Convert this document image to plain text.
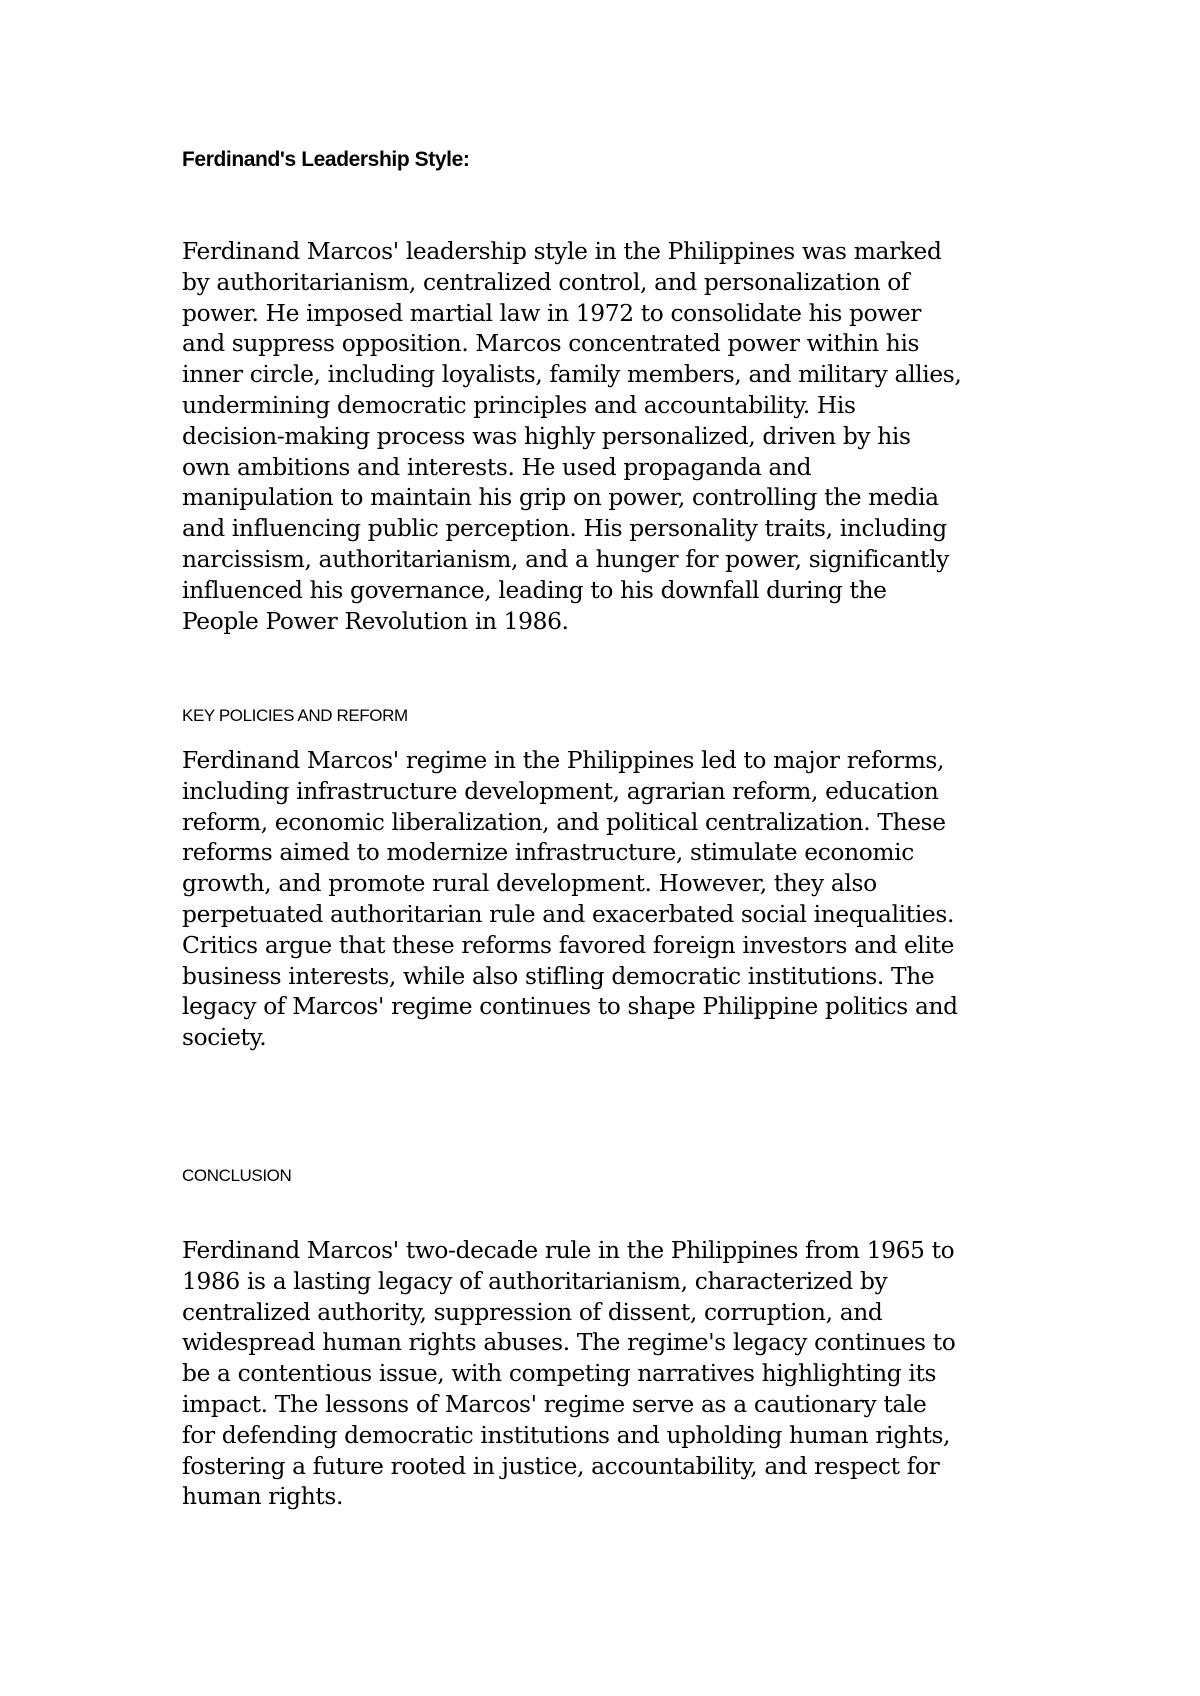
Ferdinand's Leadership Style:

Ferdinand Marcos' leadership style in the Philippines was marked
by authoritarianism, centralized control, and personalization of
power. He imposed martial law in 1972 to consolidate his power
and suppress opposition. Marcos concentrated power within his
inner circle, including loyalists, family members, and military allies,
undermining democratic principles and accountability. His
decision-making process was highly personalized, driven by his
own ambitions and interests. He used propaganda and
manipulation to maintain his grip on power, controlling the media
and influencing public perception. His personality traits, including
narcissism, authoritarianism, and a hunger for power, significantly
influenced his governance, leading to his downfall during the
People Power Revolution in 1986.

KEY POLICIES AND REFORM

Ferdinand Marcos' regime in the Philippines led to major reforms,
including infrastructure development, agrarian reform, education
reform, economic liberalization, and political centralization. These
reforms aimed to modernize infrastructure, stimulate economic
growth, and promote rural development. However, they also
perpetuated authoritarian rule and exacerbated social inequalities.
Critics argue that these reforms favored foreign investors and elite
business interests, while also stifling democratic institutions. The
legacy of Marcos' regime continues to shape Philippine politics and
society.

CONCLUSION

Ferdinand Marcos' two-decade rule in the Philippines from 1965 to
1986 is a lasting legacy of authoritarianism, characterized by
centralized authority, suppression of dissent, corruption, and
widespread human rights abuses. The regime's legacy continues to
be a contentious issue, with competing narratives highlighting its
impact. The lessons of Marcos' regime serve as a cautionary tale
for defending democratic institutions and upholding human rights,
fostering a future rooted in justice, accountability, and respect for
human rights.
